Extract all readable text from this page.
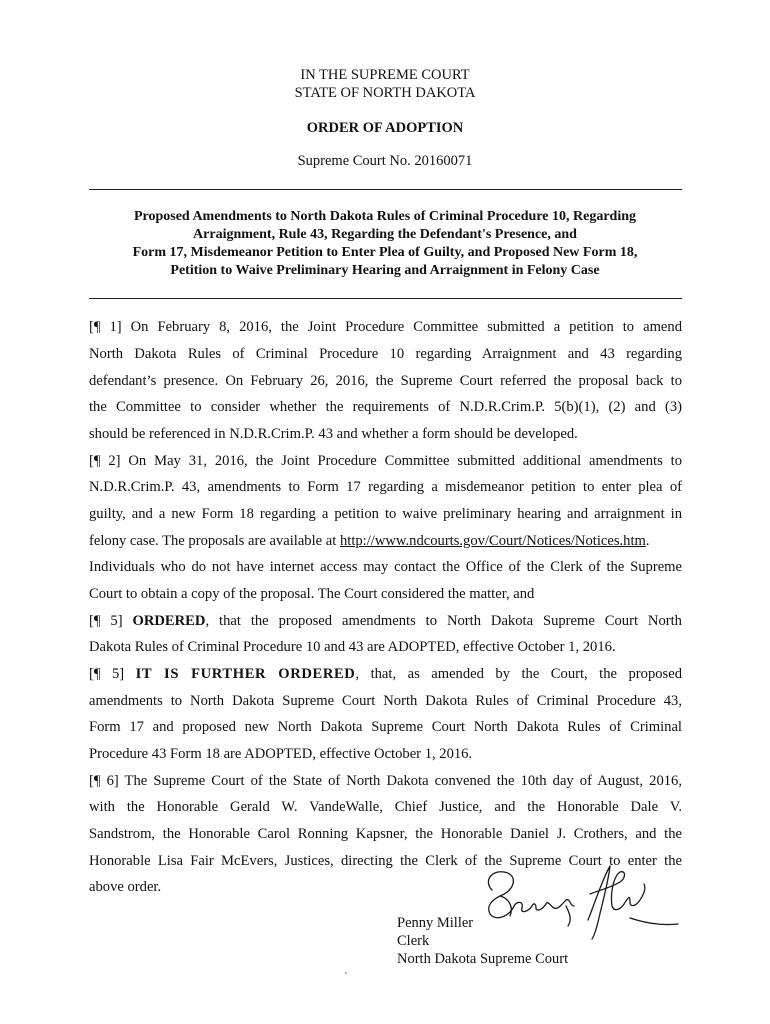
IN THE SUPREME COURT
STATE OF NORTH DAKOTA
ORDER OF ADOPTION
Supreme Court No. 20160071
Proposed Amendments to North Dakota Rules of Criminal Procedure 10, Regarding
Arraignment, Rule 43, Regarding the Defendant's Presence, and
Form 17, Misdemeanor Petition to Enter Plea of Guilty, and Proposed New Form 18,
Petition to Waive Preliminary Hearing and Arraignment in Felony Case
[¶ 1] On February 8, 2016, the Joint Procedure Committee submitted a petition to amend
North Dakota Rules of Criminal Procedure 10 regarding Arraignment and 43 regarding
defendant’s presence. On February 26, 2016, the Supreme Court referred the proposal back to
the Committee to consider whether the requirements of N.D.R.Crim.P. 5(b)(1), (2) and (3)
should be referenced in N.D.R.Crim.P. 43 and whether a form should be developed.
[¶ 2] On May 31, 2016, the Joint Procedure Committee submitted additional amendments to
N.D.R.Crim.P. 43, amendments to Form 17 regarding a misdemeanor petition to enter plea of
guilty, and a new Form 18 regarding a petition to waive preliminary hearing and arraignment in
felony case. The proposals are available at http://www.ndcourts.gov/Court/Notices/Notices.htm.
Individuals who do not have internet access may contact the Office of the Clerk of the Supreme
Court to obtain a copy of the proposal. The Court considered the matter, and
[¶ 5] ORDERED, that the proposed amendments to North Dakota Supreme Court North
Dakota Rules of Criminal Procedure 10 and 43 are ADOPTED, effective October 1, 2016.
[¶ 5] IT IS FURTHER ORDERED, that, as amended by the Court, the proposed
amendments to North Dakota Supreme Court North Dakota Rules of Criminal Procedure 43,
Form 17 and proposed new North Dakota Supreme Court North Dakota Rules of Criminal
Procedure 43 Form 18 are ADOPTED, effective October 1, 2016.
[¶ 6] The Supreme Court of the State of North Dakota convened the 10th day of August, 2016,
with the Honorable Gerald W. VandeWalle, Chief Justice, and the Honorable Dale V.
Sandstrom, the Honorable Carol Ronning Kapsner, the Honorable Daniel J. Crothers, and the
Honorable Lisa Fair McEvers, Justices, directing the Clerk of the Supreme Court to enter the
above order.
Penny Miller
Clerk
North Dakota Supreme Court
